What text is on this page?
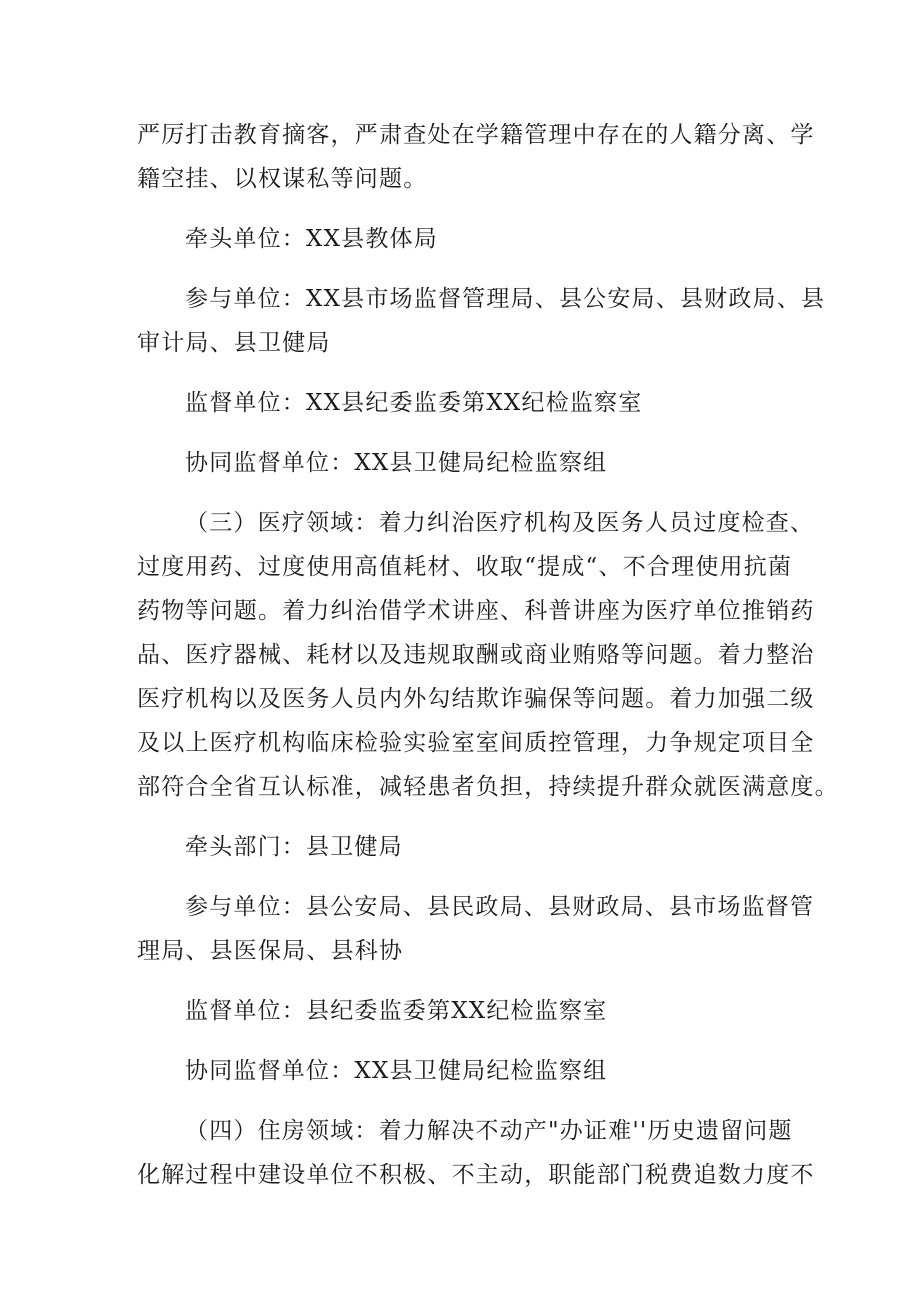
严厉打击教育摘客，严肃查处在学籍管理中存在的人籍分离、学
籍空挂、以权谋私等问题。

牵头单位：XX县教体局

参与单位：XX县市场监督管理局、县公安局、县财政局、县
审计局、县卫健局

监督单位：XX县纪委监委第XX纪检监察室

协同监督单位：XX县卫健局纪检监察组

（三）医疗领域：着力纠治医疗机构及医务人员过度检查、
过度用药、过度使用高值耗材、收取“提成“、不合理使用抗菌
药物等问题。着力纠治借学术讲座、科普讲座为医疗单位推销药
品、医疗器械、耗材以及违规取酬或商业贿赂等问题。着力整治
医疗机构以及医务人员内外勾结欺诈骗保等问题。着力加强二级
及以上医疗机构临床检验实验室室间质控管理，力争规定项目全
部符合全省互认标准，减轻患者负担，持续提升群众就医满意度。

牵头部门：县卫健局

参与单位：县公安局、县民政局、县财政局、县市场监督管
理局、县医保局、县科协

监督单位：县纪委监委第XX纪检监察室

协同监督单位：XX县卫健局纪检监察组

（四）住房领域：着力解决不动产"办证难''历史遗留问题
化解过程中建设单位不积极、不主动，职能部门税费追数力度不
